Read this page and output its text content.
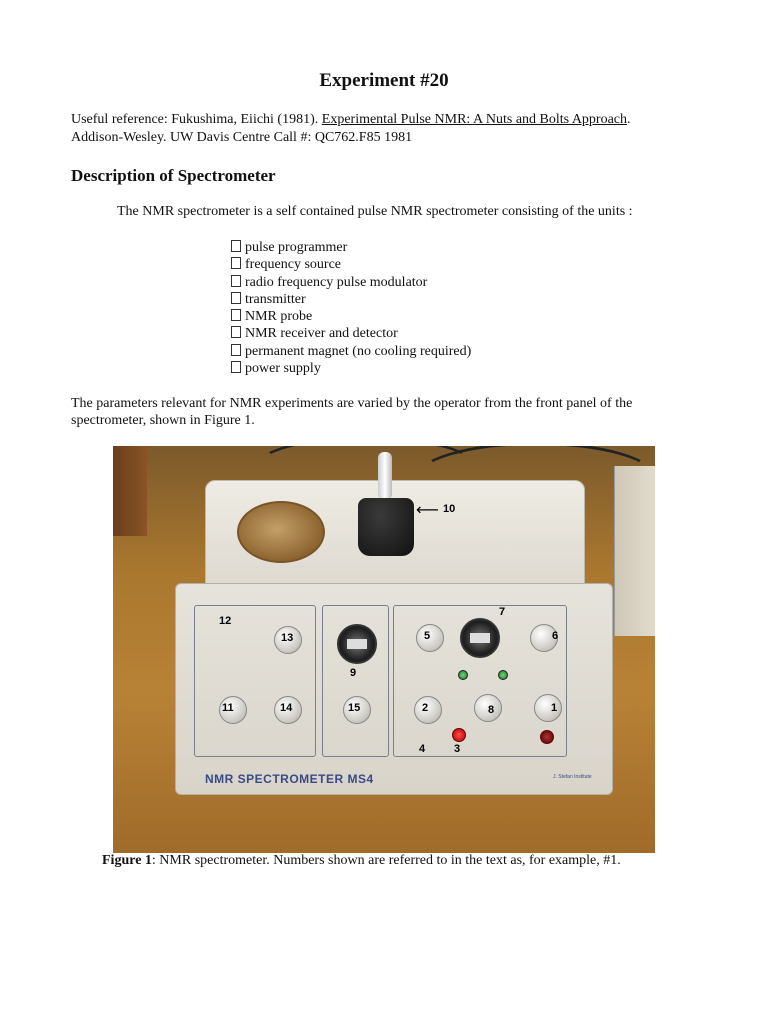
Experiment #20
Useful reference: Fukushima, Eiichi (1981). Experimental Pulse NMR: A Nuts and Bolts Approach.
Addison-Wesley. UW Davis Centre Call #: QC762.F85 1981
Description of Spectrometer
The NMR spectrometer is a self contained pulse NMR spectrometer consisting of the units :
pulse programmer
frequency source
radio frequency pulse modulator
transmitter
NMR probe
NMR receiver and detector
permanent magnet (no cooling required)
power supply
The parameters relevant for NMR experiments are varied by the operator from the front panel of the spectrometer, shown in Figure 1.
⟵ 10
12
13
9
5
7
6
11	14	15	2	8	1
4	3
NMR SPECTROMETER MS4	J. Stefan Institute
Figure 1: NMR spectrometer. Numbers shown are referred to in the text as, for example, #1.
